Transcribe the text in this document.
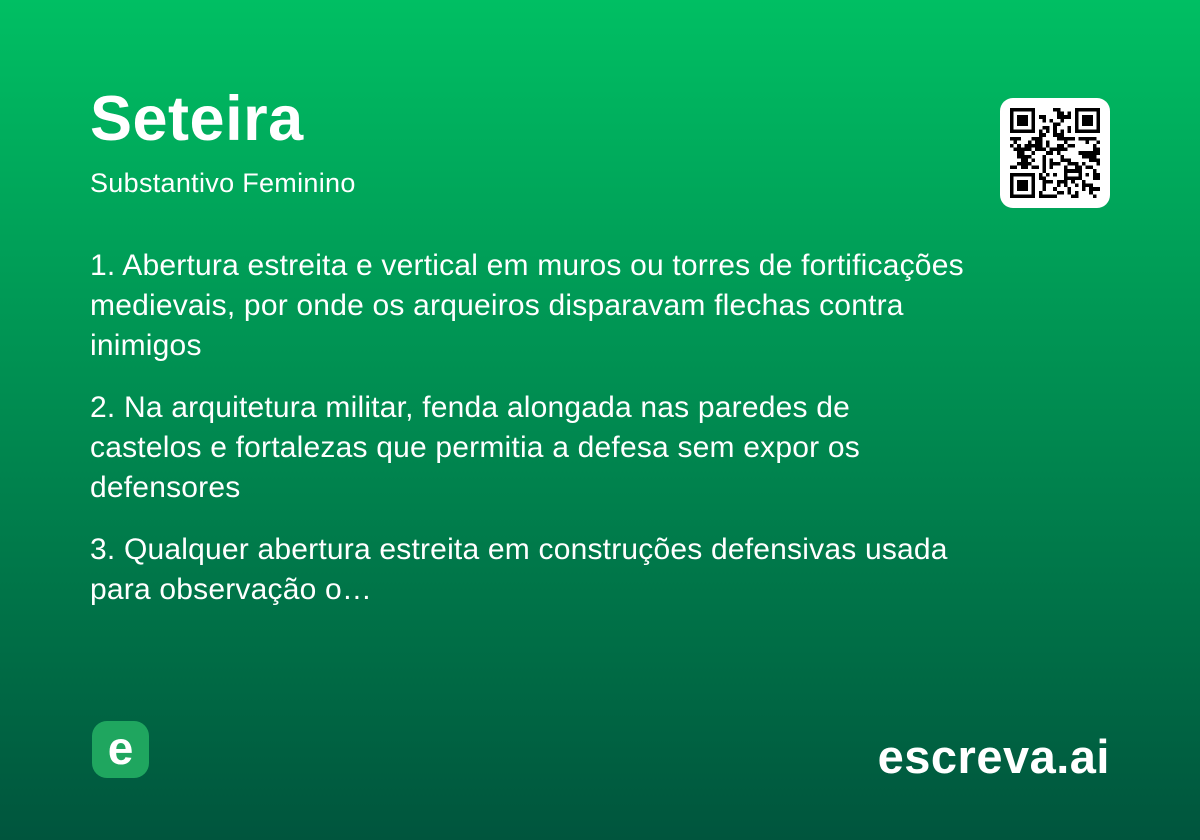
Seteira

Substantivo Feminino

1. Abertura estreita e vertical em muros ou torres de fortificações
medievais, por onde os arqueiros disparavam flechas contra
inimigos

2. Na arquitetura militar, fenda alongada nas paredes de
castelos e fortalezas que permitia a defesa sem expor os
defensores

3. Qualquer abertura estreita em construções defensivas usada
para observação o…

e	escreva.ai
